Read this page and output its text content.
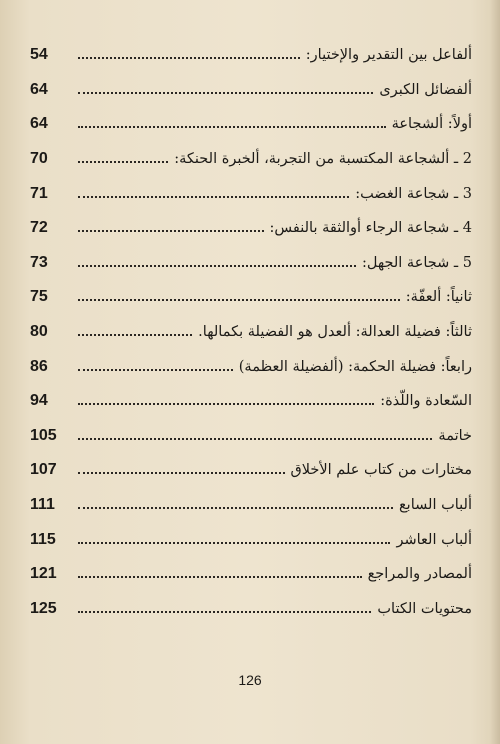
ألفاعل بين التقدير والإختيار:
54
ألفضائل الكبرى
64
أولاً: ألشجاعة
64
2 ـ ألشجاعة المكتسبة من التجربة، ألخبرة الحنكة:
70
3 ـ شجاعة الغضب:
71
4 ـ شجاعة الرجاء أوالثقة بالنفس:
72
5 ـ شجاعة الجهل:
73
ثانياً: ألعفّة:
75
ثالثاً: فضيلة العدالة: ألعدل هو الفضيلة بكمالها.
80
رابعاً: فضيلة الحكمة: (ألفضيلة العظمة)
86
السّعادة واللّذة:
94
خاتمة
105
مختارات من كتاب علم الأخلاق
107
ألباب السابع
111
ألباب العاشر
115
ألمصادر والمراجع
121
محتويات الكتاب
125
126
